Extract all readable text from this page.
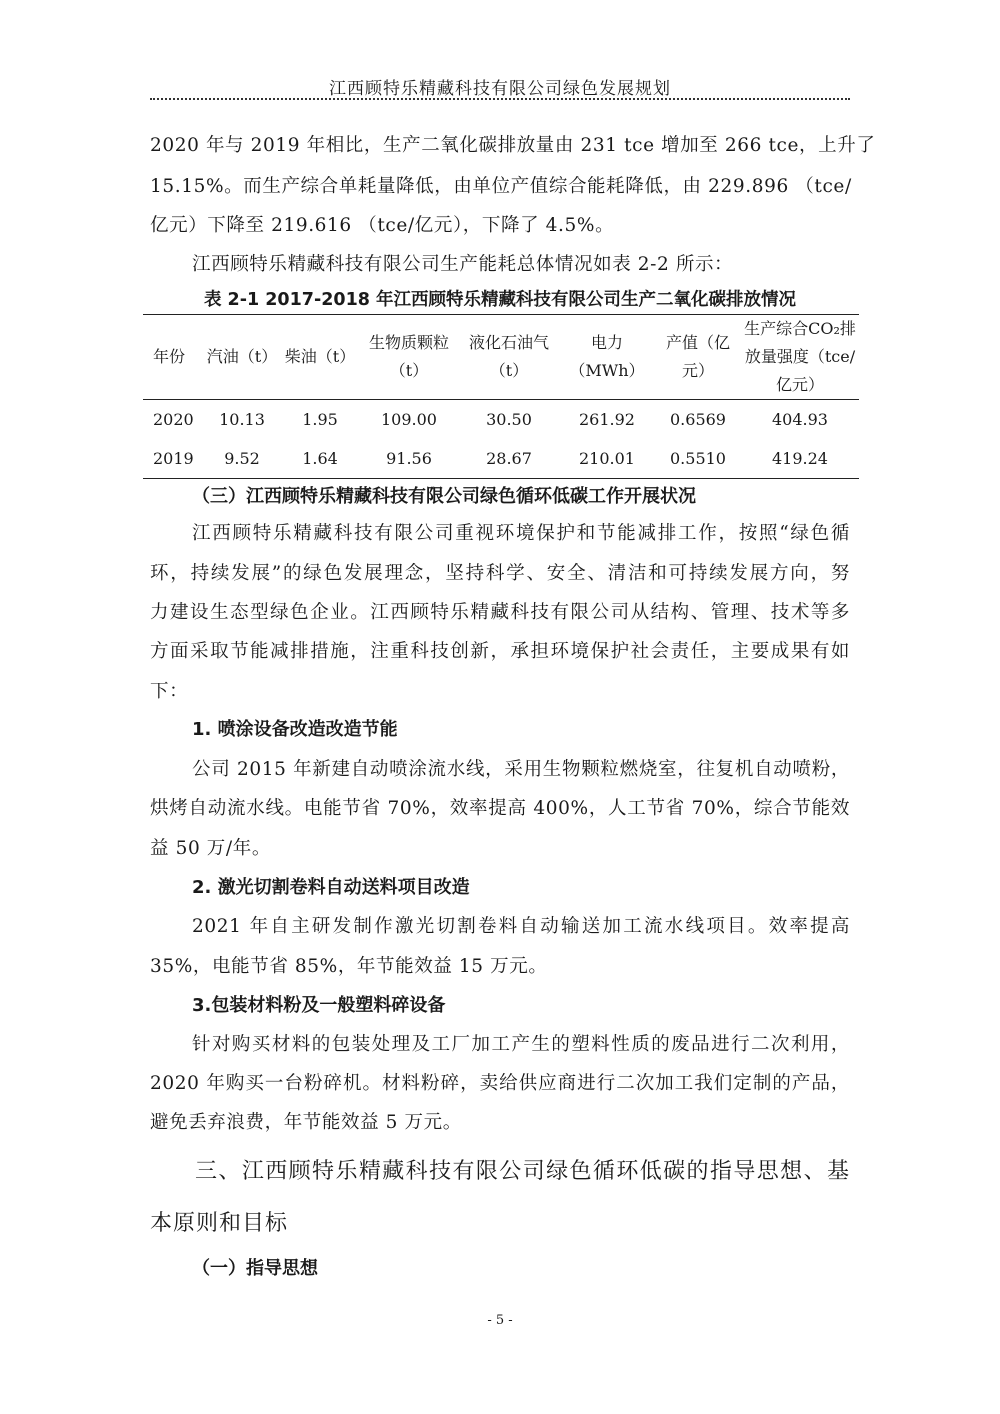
江西顾特乐精藏科技有限公司绿色发展规划
2020 年与 2019 年相比，生产二氧化碳排放量由 231 tce 增加至 266 tce，上升了
15.15%。而生产综合单耗量降低，由单位产值综合能耗降低，由 229.896 （tce/
亿元）下降至 219.616 （tce/亿元），下降了 4.5%。
江西顾特乐精藏科技有限公司生产能耗总体情况如表 2-2 所示：
表 2-1 2017-2018 年江西顾特乐精藏科技有限公司生产二氧化碳排放情况
年份	汽油（t）	柴油（t）	生物质颗粒（t）	液化石油气（t）	电力（MWh）	产值（亿元）	生产综合CO₂排放量强度（tce/亿元）
2020	10.13	1.95	109.00	30.50	261.92	0.6569	404.93
2019	9.52	1.64	91.56	28.67	210.01	0.5510	419.24
（三）江西顾特乐精藏科技有限公司绿色循环低碳工作开展状况
江西顾特乐精藏科技有限公司重视环境保护和节能减排工作，按照“绿色循
环，持续发展”的绿色发展理念，坚持科学、安全、清洁和可持续发展方向，努
力建设生态型绿色企业。江西顾特乐精藏科技有限公司从结构、管理、技术等多
方面采取节能减排措施，注重科技创新，承担环境保护社会责任，主要成果有如
下：
1. 喷涂设备改造改造节能
公司 2015 年新建自动喷涂流水线，采用生物颗粒燃烧室，往复机自动喷粉，
烘烤自动流水线。电能节省 70%，效率提高 400%，人工节省 70%，综合节能效
益 50 万/年。
2. 激光切割卷料自动送料项目改造
2021 年自主研发制作激光切割卷料自动输送加工流水线项目。效率提高
35%，电能节省 85%，年节能效益 15 万元。
3.包装材料粉及一般塑料碎设备
针对购买材料的包装处理及工厂加工产生的塑料性质的废品进行二次利用，
2020 年购买一台粉碎机。材料粉碎，卖给供应商进行二次加工我们定制的产品，
避免丢弃浪费，年节能效益 5 万元。
三、江西顾特乐精藏科技有限公司绿色循环低碳的指导思想、基
本原则和目标
（一）指导思想
- 5 -
